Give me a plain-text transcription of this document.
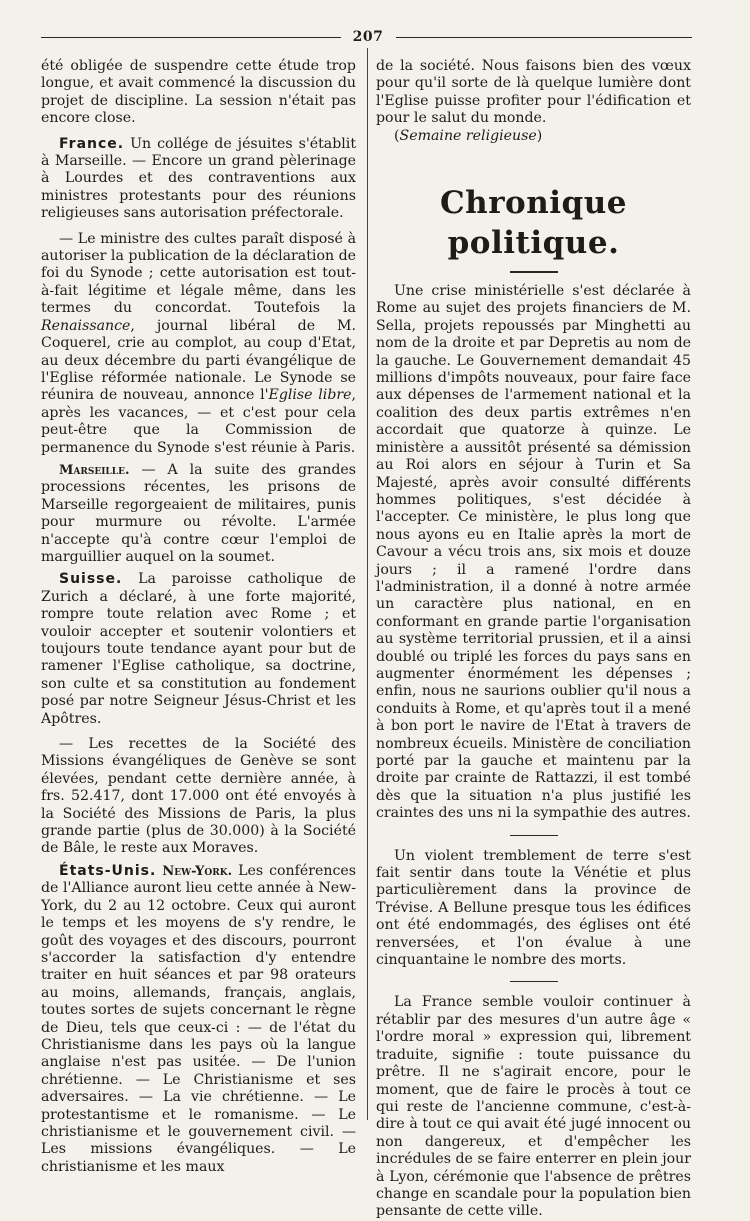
207

été obligée de suspendre cette étude trop longue, et avait commencé la discussion du projet de discipline. La session n'était pas encore close.

France. Un collége de jésuites s'établit à Marseille. — Encore un grand pèlerinage à Lourdes et des contraventions aux ministres protestants pour des réunions religieuses sans autorisation préfectorale.

— Le ministre des cultes paraît disposé à autoriser la publication de la déclaration de foi du Synode ; cette autorisation est tout-à-fait légitime et légale même, dans les termes du concordat. Toutefois la Renaissance, journal libéral de M. Coquerel, crie au complot, au coup d'Etat, au deux décembre du parti évangélique de l'Eglise réformée nationale. Le Synode se réunira de nouveau, annonce l'Eglise libre, après les vacances, — et c'est pour cela peut-être que la Commission de permanence du Synode s'est réunie à Paris.

Marseille. — A la suite des grandes processions récentes, les prisons de Marseille regorgeaient de militaires, punis pour murmure ou révolte. L'armée n'accepte qu'à contre cœur l'emploi de marguillier auquel on la soumet.

Suisse. La paroisse catholique de Zurich a déclaré, à une forte majorité, rompre toute relation avec Rome ; et vouloir accepter et soutenir volontiers et toujours toute tendance ayant pour but de ramener l'Eglise catholique, sa doctrine, son culte et sa constitution au fondement posé par notre Seigneur Jésus-Christ et les Apôtres.

— Les recettes de la Société des Missions évangéliques de Genève se sont élevées, pendant cette dernière année, à frs. 52.417, dont 17.000 ont été envoyés à la Société des Missions de Paris, la plus grande partie (plus de 30.000) à la Société de Bâle, le reste aux Moraves.

États-Unis. New-York. Les conférences de l'Alliance auront lieu cette année à New-York, du 2 au 12 octobre. Ceux qui auront le temps et les moyens de s'y rendre, le goût des voyages et des discours, pourront s'accorder la satisfaction d'y entendre traiter en huit séances et par 98 orateurs au moins, allemands, français, anglais, toutes sortes de sujets concernant le règne de Dieu, tels que ceux-ci : — de l'état du Christianisme dans les pays où la langue anglaise n'est pas usitée. — De l'union chrétienne. — Le Christianisme et ses adversaires. — La vie chrétienne. — Le protestantisme et le romanisme. — Le christianisme et le gouvernement civil. — Les missions évangéliques. — Le christianisme et les maux

de la société. Nous faisons bien des vœux pour qu'il sorte de là quelque lumière dont l'Eglise puisse profiter pour l'édification et pour le salut du monde.

(Semaine religieuse)

Chronique politique.

Une crise ministérielle s'est déclarée à Rome au sujet des projets financiers de M. Sella, projets repoussés par Minghetti au nom de la droite et par Depretis au nom de la gauche. Le Gouvernement demandait 45 millions d'impôts nouveaux, pour faire face aux dépenses de l'armement national et la coalition des deux partis extrêmes n'en accordait que quatorze à quinze. Le ministère a aussitôt présenté sa démission au Roi alors en séjour à Turin et Sa Majesté, après avoir consulté différents hommes politiques, s'est décidée à l'accepter. Ce ministère, le plus long que nous ayons eu en Italie après la mort de Cavour a vécu trois ans, six mois et douze jours ; il a ramené l'ordre dans l'administration, il a donné à notre armée un caractère plus national, en en conformant en grande partie l'organisation au système territorial prussien, et il a ainsi doublé ou triplé les forces du pays sans en augmenter énormément les dépenses ; enfin, nous ne saurions oublier qu'il nous a conduits à Rome, et qu'après tout il a mené à bon port le navire de l'Etat à travers de nombreux écueils. Ministère de conciliation porté par la gauche et maintenu par la droite par crainte de Rattazzi, il est tombé dès que la situation n'a plus justifié les craintes des uns ni la sympathie des autres.

Un violent tremblement de terre s'est fait sentir dans toute la Vénétie et plus particulièrement dans la province de Trévise. A Bellune presque tous les édifices ont été endommagés, des églises ont été renversées, et l'on évalue à une cinquantaine le nombre des morts.

La France semble vouloir continuer à rétablir par des mesures d'un autre âge « l'ordre moral » expression qui, librement traduite, signifie : toute puissance du prêtre. Il ne s'agirait encore, pour le moment, que de faire le procès à tout ce qui reste de l'ancienne commune, c'est-à-dire à tout ce qui avait été jugé innocent ou non dangereux, et d'empêcher les incrédules de se faire enterrer en plein jour à Lyon, cérémonie que l'absence de prêtres change en scandale pour la population bien pensante de cette ville.
